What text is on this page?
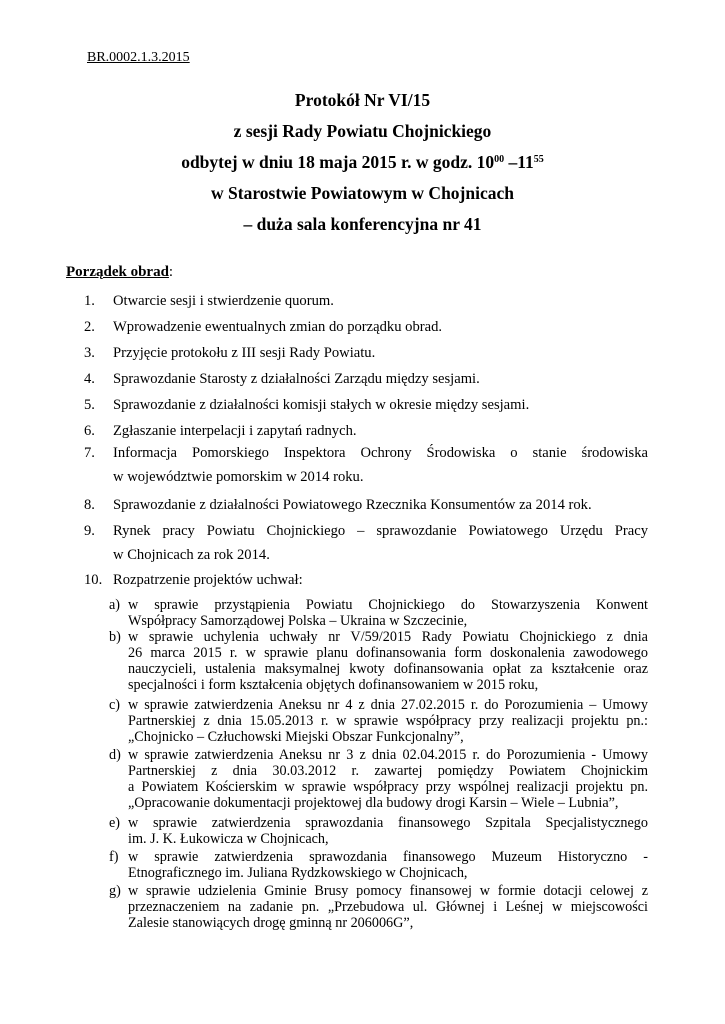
BR.0002.1.3.2015
Protokół Nr VI/15
z sesji Rady Powiatu Chojnickiego
odbytej w dniu 18 maja 2015 r. w godz. $10^{00}$ $-11^{55}$
w Starostwie Powiatowym w Chojnicach
– duża sala konferencyjna nr 41
Porządek obrad:
1.	Otwarcie sesji i stwierdzenie quorum.
2.	Wprowadzenie ewentualnych zmian do porządku obrad.
3.	Przyjęcie protokołu z III sesji Rady Powiatu.
4.	Sprawozdanie Starosty z działalności Zarządu między sesjami.
5.	Sprawozdanie z działalności komisji stałych w okresie między sesjami.
6.	Zgłaszanie interpelacji i zapytań radnych.
7.	Informacja Pomorskiego Inspektora Ochrony Środowiska o stanie środowiska
w województwie pomorskim w 2014 roku.
8.	Sprawozdanie z działalności Powiatowego Rzecznika Konsumentów za 2014 rok.
9.	Rynek pracy Powiatu Chojnickiego – sprawozdanie Powiatowego Urzędu Pracy
w Chojnicach za rok 2014.
10. Rozpatrzenie projektów uchwał:
a) w sprawie przystąpienia Powiatu Chojnickiego do Stowarzyszenia Konwent
Współpracy Samorządowej Polska – Ukraina w Szczecinie,
b) w sprawie uchylenia uchwały nr V/59/2015 Rady Powiatu Chojnickiego z dnia
26 marca 2015 r. w sprawie planu dofinansowania form doskonalenia zawodowego
nauczycieli, ustalenia maksymalnej kwoty dofinansowania opłat za kształcenie oraz
specjalności i form kształcenia objętych dofinansowaniem w 2015 roku,
c) w sprawie zatwierdzenia Aneksu nr 4 z dnia 27.02.2015 r. do Porozumienia – Umowy
Partnerskiej z dnia 15.05.2013 r. w sprawie współpracy przy realizacji projektu pn.:
„Chojnicko – Człuchowski Miejski Obszar Funkcjonalny”,
d) w sprawie zatwierdzenia Aneksu nr 3 z dnia 02.04.2015 r. do Porozumienia - Umowy
Partnerskiej z dnia 30.03.2012 r. zawartej pomiędzy Powiatem Chojnickim
a Powiatem Kościerskim w sprawie współpracy przy wspólnej realizacji projektu pn.
„Opracowanie dokumentacji projektowej dla budowy drogi Karsin – Wiele – Lubnia”,
e) w sprawie zatwierdzenia sprawozdania finansowego Szpitala Specjalistycznego
im. J. K. Łukowicza w Chojnicach,
f) w sprawie zatwierdzenia sprawozdania finansowego Muzeum Historyczno -
Etnograficznego im. Juliana Rydzkowskiego w Chojnicach,
g) w sprawie udzielenia Gminie Brusy pomocy finansowej w formie dotacji celowej z
przeznaczeniem na zadanie pn. „Przebudowa ul. Głównej i Leśnej w miejscowości
Zalesie stanowiących drogę gminną nr 206006G”,
